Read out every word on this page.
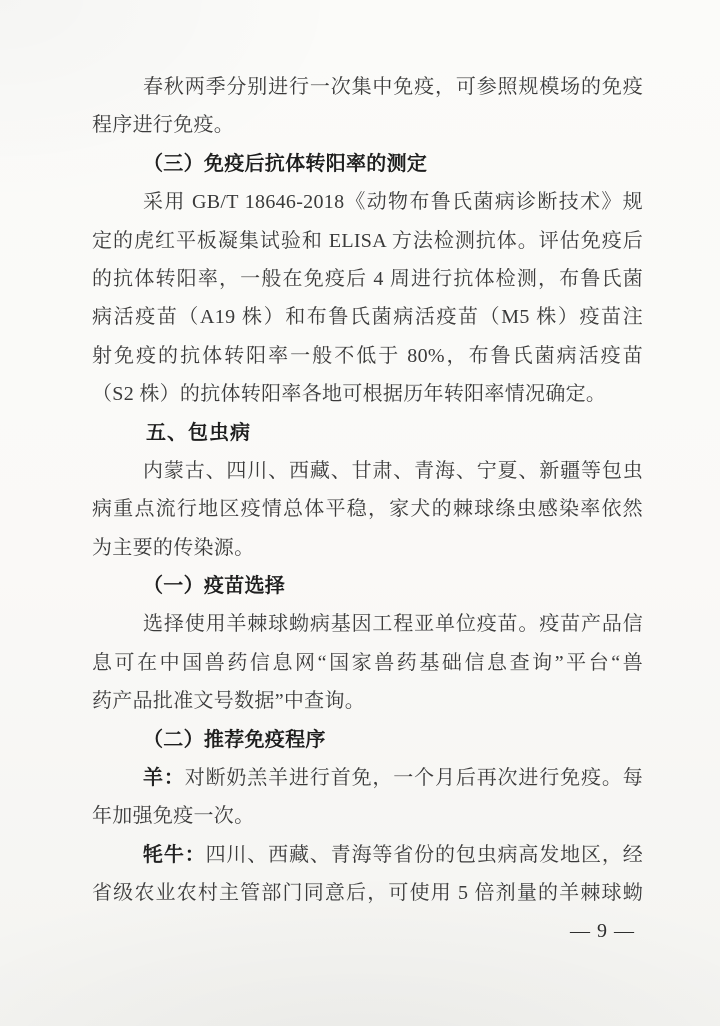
春秋两季分别进行一次集中免疫，可参照规模场的免疫
程序进行免疫。
（三）免疫后抗体转阳率的测定
采用 GB/T 18646-2018《动物布鲁氏菌病诊断技术》规
定的虎红平板凝集试验和 ELISA 方法检测抗体。评估免疫后
的抗体转阳率，一般在免疫后 4 周进行抗体检测，布鲁氏菌
病活疫苗（A19 株）和布鲁氏菌病活疫苗（M5 株）疫苗注
射免疫的抗体转阳率一般不低于 80%，布鲁氏菌病活疫苗
（S2 株）的抗体转阳率各地可根据历年转阳率情况确定。
五、包虫病
内蒙古、四川、西藏、甘肃、青海、宁夏、新疆等包虫
病重点流行地区疫情总体平稳，家犬的棘球绦虫感染率依然
为主要的传染源。
（一）疫苗选择
选择使用羊棘球蚴病基因工程亚单位疫苗。疫苗产品信
息可在中国兽药信息网“国家兽药基础信息查询”平台“兽
药产品批准文号数据”中查询。
（二）推荐免疫程序
羊：对断奶羔羊进行首免，一个月后再次进行免疫。每
年加强免疫一次。
牦牛：四川、西藏、青海等省份的包虫病高发地区，经
省级农业农村主管部门同意后，可使用 5 倍剂量的羊棘球蚴
— 9 —
